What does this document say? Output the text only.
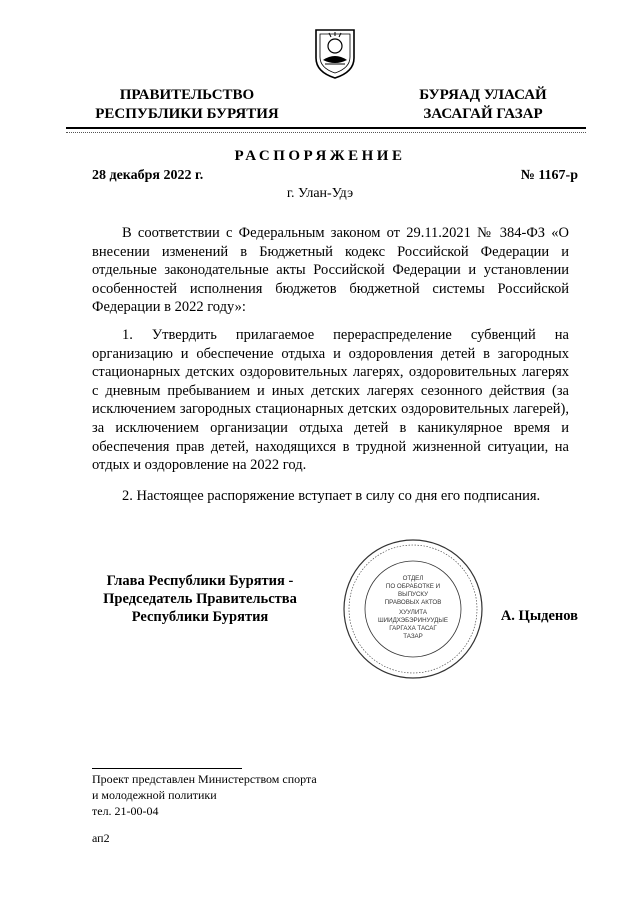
ПРАВИТЕЛЬСТВО
РЕСПУБЛИКИ БУРЯТИЯ
БУРЯАД УЛАСАЙ
ЗАСАГАЙ ГАЗАР
РАСПОРЯЖЕНИЕ
28 декабря 2022 г.	№ 1167-р
г. Улан-Удэ
В соответствии с Федеральным законом от 29.11.2021 № 384-ФЗ «О внесении изменений в Бюджетный кодекс Российской Федерации и отдельные законодательные акты Российской Федерации и установлении особенностей исполнения бюджетов бюджетной системы Российской Федерации в 2022 году»:
1. Утвердить прилагаемое перераспределение субвенций на организацию и обеспечение отдыха и оздоровления детей в загородных стационарных детских оздоровительных лагерях, оздоровительных лагерях с дневным пребыванием и иных детских лагерях сезонного действия (за исключением загородных стационарных детских оздоровительных лагерей), за исключением организации отдыха детей в каникулярное время и обеспечения прав детей, находящихся в трудной жизненной ситуации, на отдых и оздоровление на 2022 год.
2. Настоящее распоряжение вступает в силу со дня его подписания.
Глава Республики Бурятия -
Председатель Правительства
Республики Бурятия	А. Цыденов
ОТДЕЛ
ПО ОБРАБОТКЕ И
ВЫПУСКУ
ПРАВОВЫХ АКТОВ
ХУУЛИТА
ШИИДХЭБЭРИНУУДЫЕ
ГАРГАХА ТАСАГ
ТАЗАР
Проект представлен Министерством спорта
и молодежной политики
тел. 21-00-04
ап2
